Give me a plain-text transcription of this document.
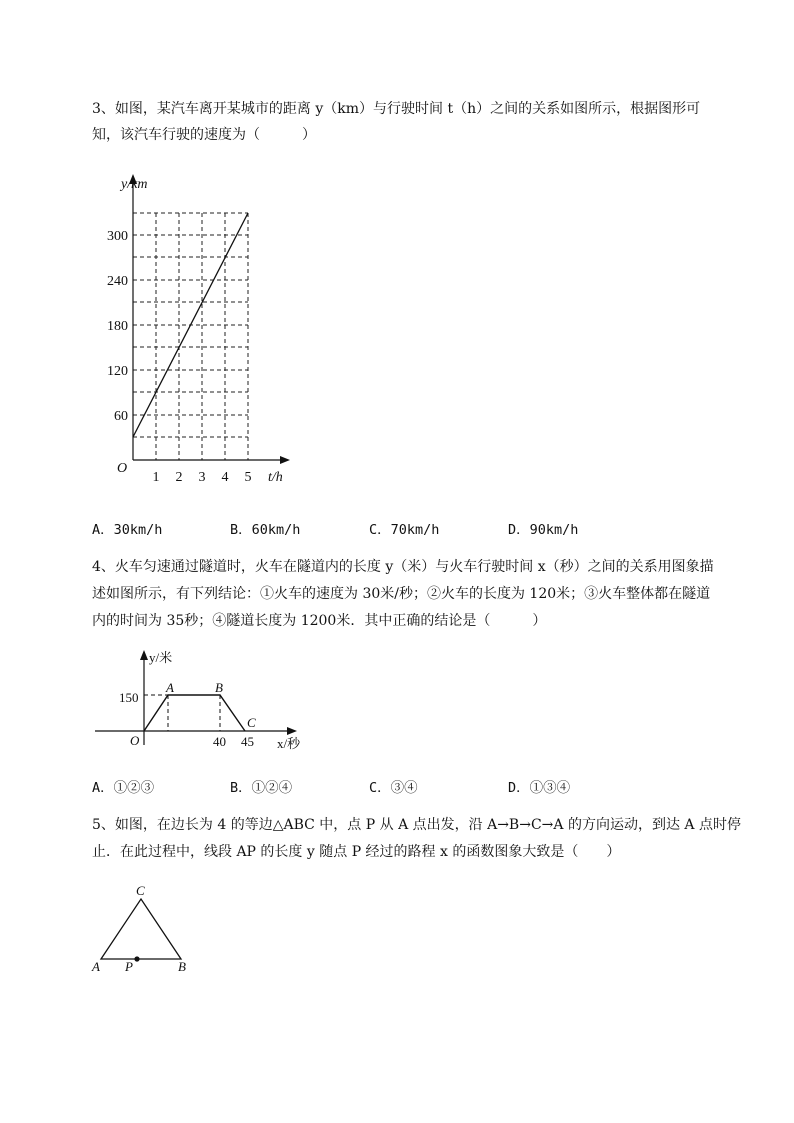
3、如图，某汽车离开某城市的距离 y（km）与行驶时间 t（h）之间的关系如图所示，根据图形可
知，该汽车行驶的速度为（　　　）
y/km
t/h
O
60
120
180
240
300
1 2 3 4 5
A．30km/h	B．60km/h	C．70km/h	D．90km/h
4、火车匀速通过隧道时，火车在隧道内的长度 y（米）与火车行驶时间 x（秒）之间的关系用图象描
述如图所示，有下列结论：①火车的速度为 30米/秒；②火车的长度为 120米；③火车整体都在隧道
内的时间为 35秒；④隧道长度为 1200米．其中正确的结论是（　　　）
y/米
x/秒
O
150
A	B
C
40 45
A．①②③	B．①②④	C．③④	D．①③④
5、如图，在边长为 4 的等边△ABC 中，点 P 从 A 点出发，沿 A→B→C→A 的方向运动，到达 A 点时停
止．在此过程中，线段 AP 的长度 y 随点 P 经过的路程 x 的函数图象大致是（　　）
C
A	B
P
